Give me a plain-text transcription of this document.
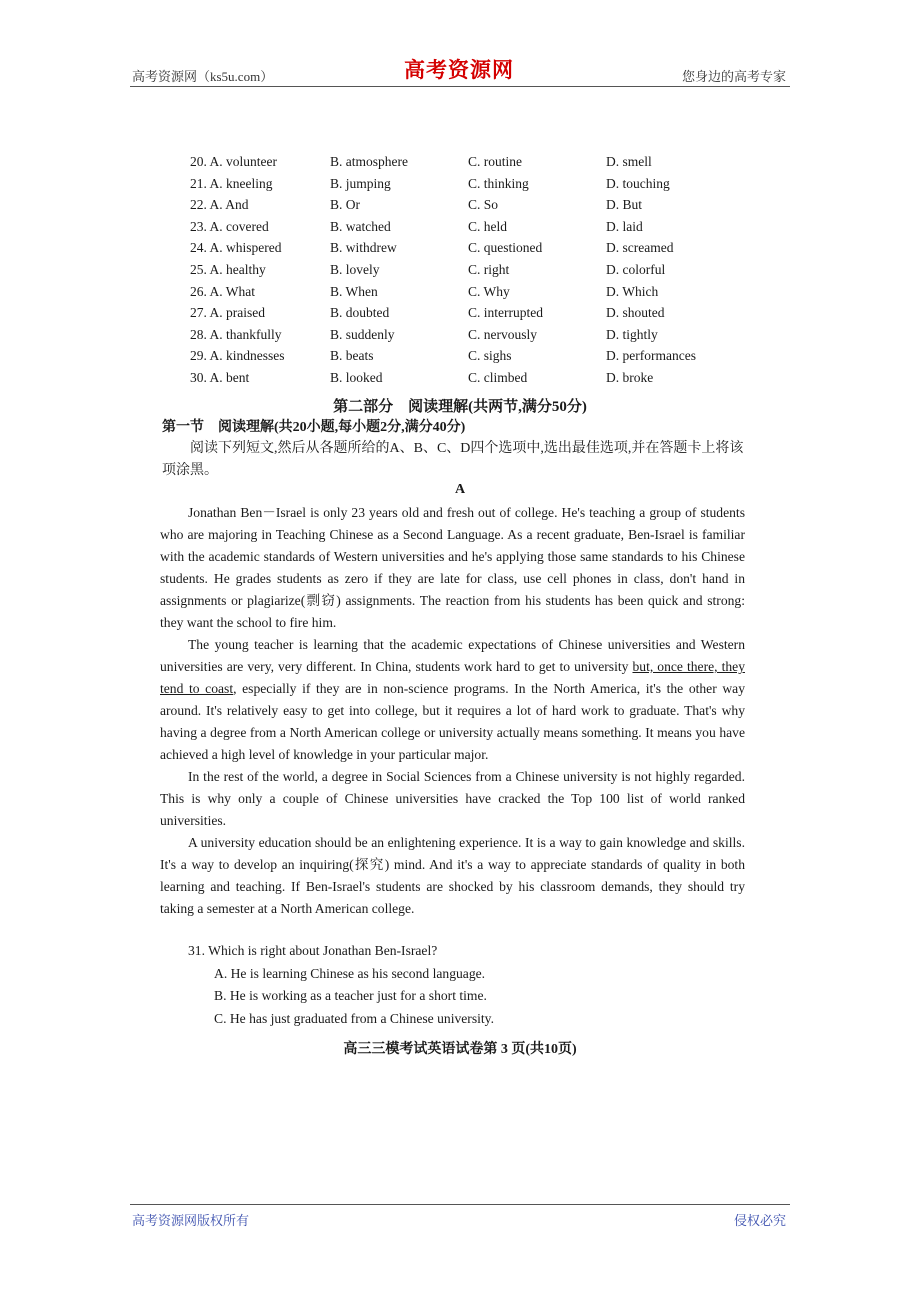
高考资源网（ks5u.com）	高考资源网	您身边的高考专家
20. A. volunteer	B. atmosphere	C. routine	D. smell
21. A. kneeling	B. jumping	C. thinking	D. touching
22. A. And	B. Or	C. So	D. But
23. A. covered	B. watched	C. held	D. laid
24. A. whispered	B. withdrew	C. questioned	D. screamed
25. A. healthy	B. lovely	C. right	D. colorful
26. A. What	B. When	C. Why	D. Which
27. A. praised	B. doubted	C. interrupted	D. shouted
28. A. thankfully	B. suddenly	C. nervously	D. tightly
29. A. kindnesses	B. beats	C. sighs	D. performances
30. A. bent	B. looked	C. climbed	D. broke
第二部分　阅读理解(共两节,满分50分)
第一节　阅读理解(共20小题,每小题2分,满分40分)
阅读下列短文,然后从各题所给的A、B、C、D四个选项中,选出最佳选项,并在答题卡上将该项涂黑。
A

Jonathan Ben－Israel is only 23 years old and fresh out of college. He's teaching a group of students who are majoring in Teaching Chinese as a Second Language. As a recent graduate, Ben-Israel is familiar with the academic standards of Western universities and he's applying those same standards to his Chinese students. He grades students as zero if they are late for class, use cell phones in class, don't hand in assignments or plagiarize(剽窃) assignments. The reaction from his students has been quick and strong: they want the school to fire him.

The young teacher is learning that the academic expectations of Chinese universities and Western universities are very, very different. In China, students work hard to get to university but, once there, they tend to coast, especially if they are in non-science programs. In the North America, it's the other way around. It's relatively easy to get into college, but it requires a lot of hard work to graduate. That's why having a degree from a North American college or university actually means something. It means you have achieved a high level of knowledge in your particular major.

In the rest of the world, a degree in Social Sciences from a Chinese university is not highly regarded. This is why only a couple of Chinese universities have cracked the Top 100 list of world ranked universities.

A university education should be an enlightening experience. It is a way to gain knowledge and skills. It's a way to develop an inquiring(探究) mind. And it's a way to appreciate standards of quality in both learning and teaching. If Ben-Israel's students are shocked by his classroom demands, they should try taking a semester at a North American college.

31. Which is right about Jonathan Ben-Israel?
A. He is learning Chinese as his second language.
B. He is working as a teacher just for a short time.
C. He has just graduated from a Chinese university.
高三三模考试英语试卷第 3 页(共10页)
高考资源网版权所有	侵权必究
